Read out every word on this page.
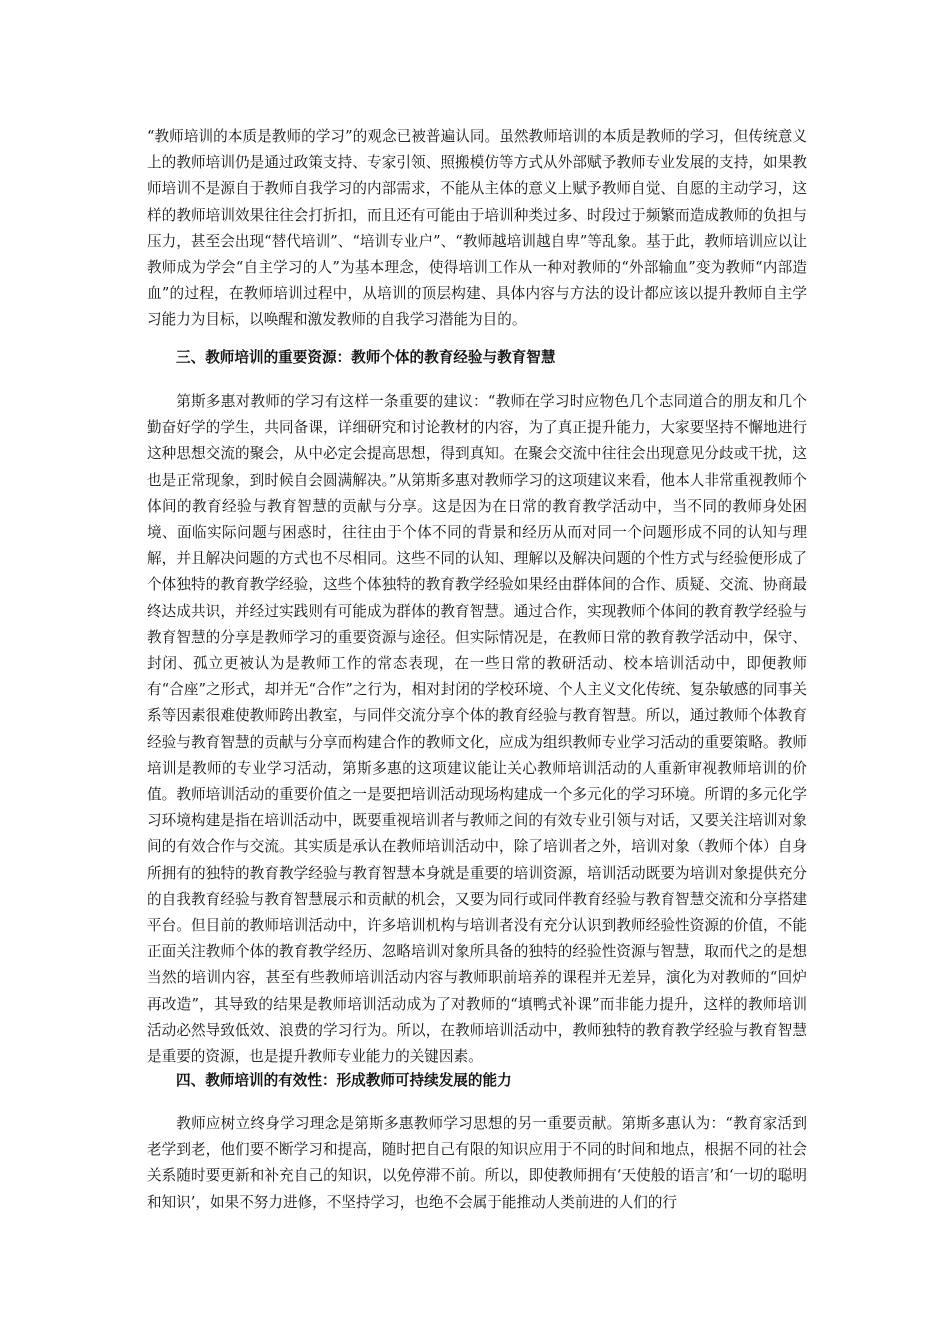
“教师培训的本质是教师的学习”的观念已被普遍认同。虽然教师培训的本质是教师的学习，但传统意义上的教师培训仍是通过政策支持、专家引领、照搬模仿等方式从外部赋予教师专业发展的支持，如果教师培训不是源自于教师自我学习的内部需求，不能从主体的意义上赋予教师自觉、自愿的主动学习，这样的教师培训效果往往会打折扣，而且还有可能由于培训种类过多、时段过于频繁而造成教师的负担与压力，甚至会出现“替代培训”、“培训专业户”、“教师越培训越自卑”等乱象。基于此，教师培训应以让教师成为学会“自主学习的人”为基本理念，使得培训工作从一种对教师的“外部输血”变为教师“内部造血”的过程，在教师培训过程中，从培训的顶层构建、具体内容与方法的设计都应该以提升教师自主学习能力为目标，以唤醒和激发教师的自我学习潜能为目的。

三、教师培训的重要资源：教师个体的教育经验与教育智慧

第斯多惠对教师的学习有这样一条重要的建议：“教师在学习时应物色几个志同道合的朋友和几个勤奋好学的学生，共同备课，详细研究和讨论教材的内容，为了真正提升能力，大家要坚持不懈地进行这种思想交流的聚会，从中必定会提高思想，得到真知。在聚会交流中往往会出现意见分歧或干扰，这也是正常现象，到时候自会圆满解决。”从第斯多惠对教师学习的这项建议来看，他本人非常重视教师个体间的教育经验与教育智慧的贡献与分享。这是因为在日常的教育教学活动中，当不同的教师身处困境、面临实际问题与困惑时，往往由于个体不同的背景和经历从而对同一个问题形成不同的认知与理解，并且解决问题的方式也不尽相同。这些不同的认知、理解以及解决问题的个性方式与经验便形成了个体独特的教育教学经验，这些个体独特的教育教学经验如果经由群体间的合作、质疑、交流、协商最终达成共识，并经过实践则有可能成为群体的教育智慧。通过合作，实现教师个体间的教育教学经验与教育智慧的分享是教师学习的重要资源与途径。但实际情况是，在教师日常的教育教学活动中，保守、封闭、孤立更被认为是教师工作的常态表现，在一些日常的教研活动、校本培训活动中，即便教师有“合座”之形式，却并无“合作”之行为，相对封闭的学校环境、个人主义文化传统、复杂敏感的同事关系等因素很难使教师跨出教室，与同伴交流分享个体的教育经验与教育智慧。所以，通过教师个体教育经验与教育智慧的贡献与分享而构建合作的教师文化，应成为组织教师专业学习活动的重要策略。教师培训是教师的专业学习活动，第斯多惠的这项建议能让关心教师培训活动的人重新审视教师培训的价值。教师培训活动的重要价值之一是要把培训活动现场构建成一个多元化的学习环境。所谓的多元化学习环境构建是指在培训活动中，既要重视培训者与教师之间的有效专业引领与对话，又要关注培训对象间的有效合作与交流。其实质是承认在教师培训活动中，除了培训者之外，培训对象（教师个体）自身所拥有的独特的教育教学经验与教育智慧本身就是重要的培训资源，培训活动既要为培训对象提供充分的自我教育经验与教育智慧展示和贡献的机会，又要为同行或同伴教育经验与教育智慧交流和分享搭建平台。但目前的教师培训活动中，许多培训机构与培训者没有充分认识到教师经验性资源的价值，不能正面关注教师个体的教育教学经历、忽略培训对象所具备的独特的经验性资源与智慧，取而代之的是想当然的培训内容，甚至有些教师培训活动内容与教师职前培养的课程并无差异，演化为对教师的“回炉再改造”，其导致的结果是教师培训活动成为了对教师的“填鸭式补课”而非能力提升，这样的教师培训活动必然导致低效、浪费的学习行为。所以，在教师培训活动中，教师独特的教育教学经验与教育智慧是重要的资源，也是提升教师专业能力的关键因素。

四、教师培训的有效性：形成教师可持续发展的能力

教师应树立终身学习理念是第斯多惠教师学习思想的另一重要贡献。第斯多惠认为：“教育家活到老学到老，他们要不断学习和提高，随时把自己有限的知识应用于不同的时间和地点，根据不同的社会关系随时要更新和补充自己的知识，以免停滞不前。所以，即使教师拥有‘天使般的语言’和‘一切的聪明和知识’，如果不努力进修，不坚持学习，也绝不会属于能推动人类前进的人们的行
